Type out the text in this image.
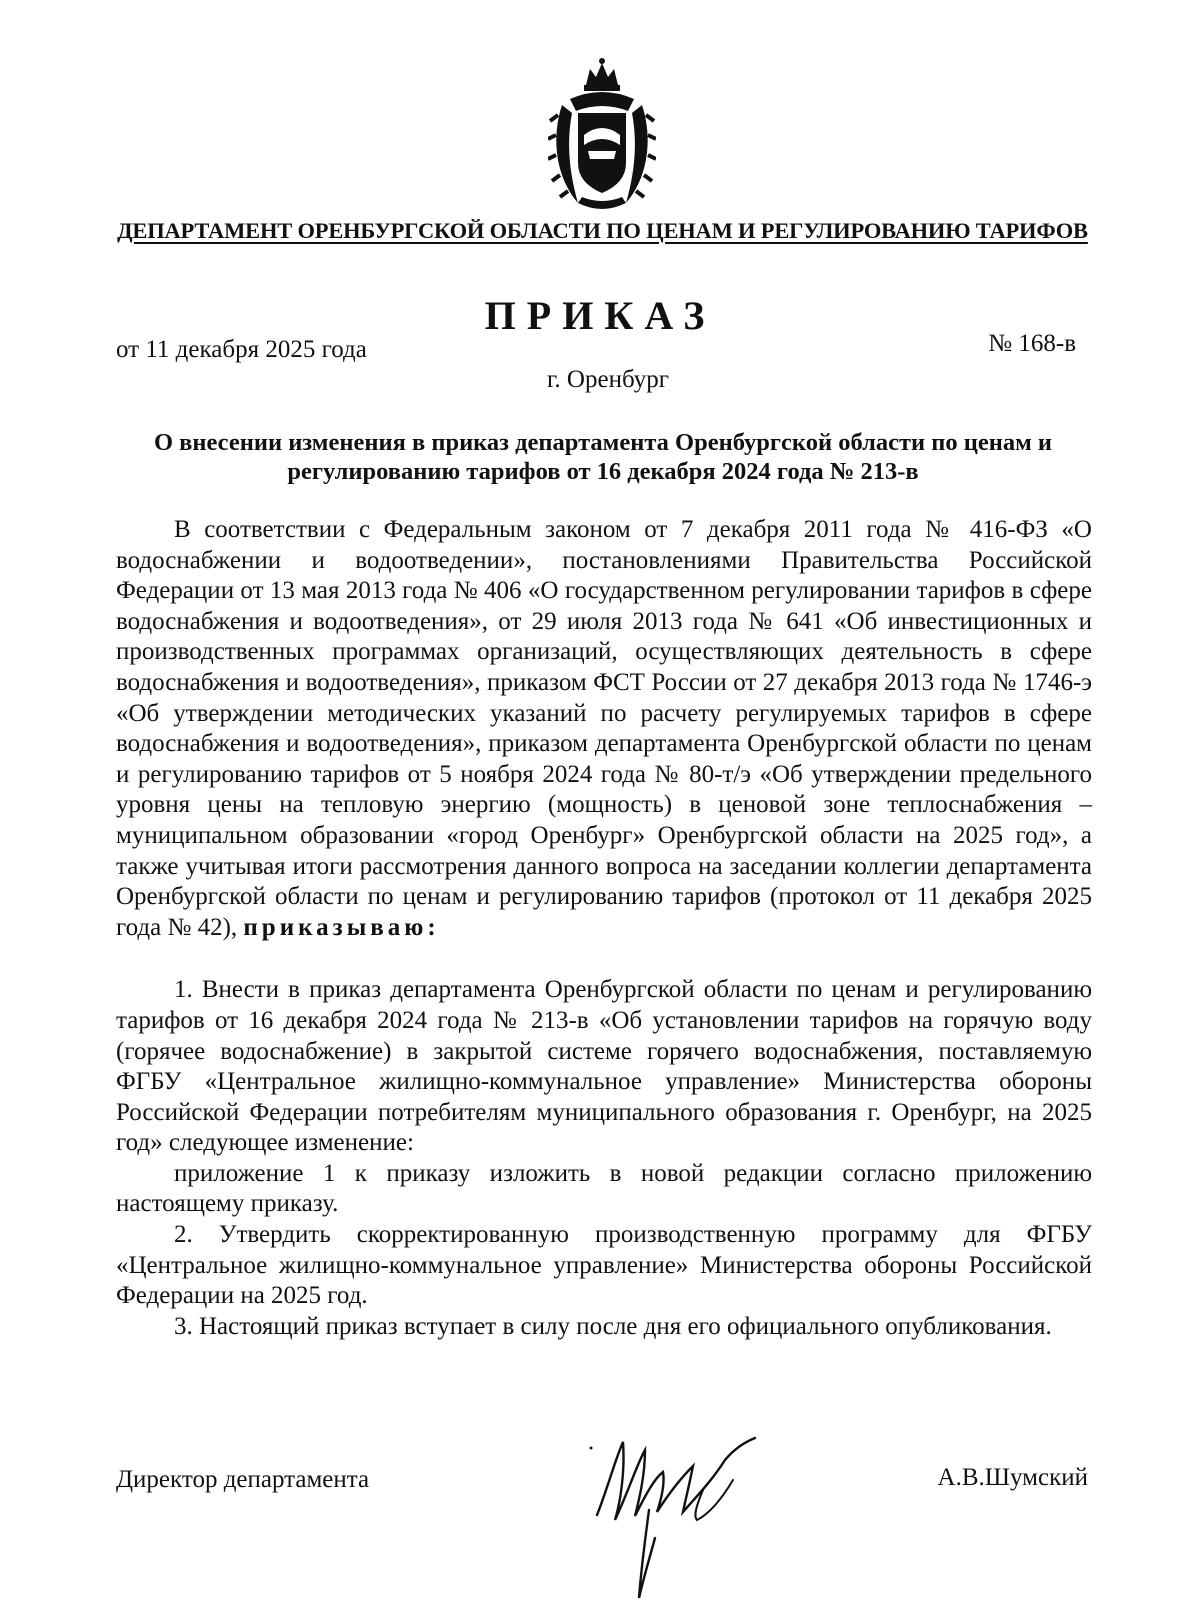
ДЕПАРТАМЕНТ ОРЕНБУРГСКОЙ ОБЛАСТИ ПО ЦЕНАМ И РЕГУЛИРОВАНИЮ ТАРИФОВ
ПРИКАЗ
от 11 декабря 2025 года	№ 168-в
г. Оренбург
О внесении изменения в приказ департамента Оренбургской области по ценам и регулированию тарифов от 16 декабря 2024 года № 213-в

В соответствии с Федеральным законом от 7 декабря 2011 года № 416-ФЗ «О водоснабжении и водоотведении», постановлениями Правительства Российской Федерации от 13 мая 2013 года № 406 «О государственном регулировании тарифов в сфере водоснабжения и водоотведения», от 29 июля 2013 года № 641 «Об инвестиционных и производственных программах организаций, осуществляющих деятельность в сфере водоснабжения и водоотведения», приказом ФСТ России от 27 декабря 2013 года № 1746-э «Об утверждении методических указаний по расчету регулируемых тарифов в сфере водоснабжения и водоотведения», приказом департамента Оренбургской области по ценам и регулированию тарифов от 5 ноября 2024 года № 80-т/э «Об утверждении предельного уровня цены на тепловую энергию (мощность) в ценовой зоне теплоснабжения – муниципальном образовании «город Оренбург» Оренбургской области на 2025 год», а также учитывая итоги рассмотрения данного вопроса на заседании коллегии департамента Оренбургской области по ценам и регулированию тарифов (протокол от 11 декабря 2025 года № 42), приказываю:

1. Внести в приказ департамента Оренбургской области по ценам и регулированию тарифов от 16 декабря 2024 года № 213-в «Об установлении тарифов на горячую воду (горячее водоснабжение) в закрытой системе горячего водоснабжения, поставляемую ФГБУ «Центральное жилищно-коммунальное управление» Министерства обороны Российской Федерации потребителям муниципального образования г. Оренбург, на 2025 год» следующее изменение:

приложение 1 к приказу изложить в новой редакции согласно приложению настоящему приказу.

2. Утвердить скорректированную производственную программу для ФГБУ «Центральное жилищно-коммунальное управление» Министерства обороны Российской Федерации на 2025 год.

3. Настоящий приказ вступает в силу после дня его официального опубликования.

Директор департамента	А.В.Шумский
